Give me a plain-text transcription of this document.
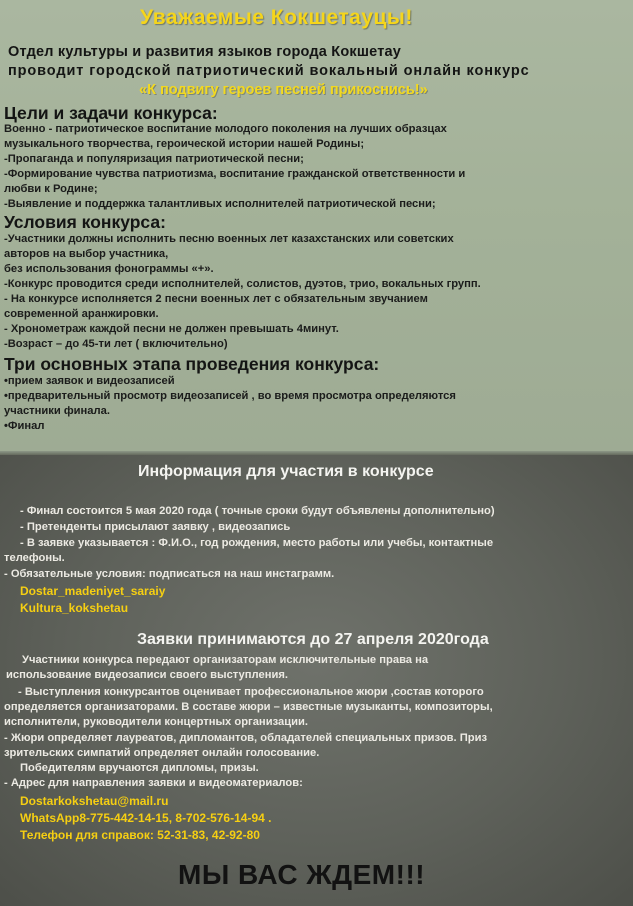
Уважаемые Кокшетауцы!

Отдел культуры и развития языков города Кокшетау

проводит городской патриотический вокальный онлайн конкурс

«К подвигу героев песней прикоснись!»

Цели и задачи конкурса:

Военно - патриотическое воспитание молодого поколения на лучших образцах

музыкального творчества, героической истории нашей Родины;

-Пропаганда и популяризация патриотической песни;

-Формирование чувства патриотизма, воспитание гражданской ответственности и

любви к Родине;

-Выявление и поддержка талантливых исполнителей патриотической песни;

Условия конкурса:

-Участники должны исполнить песню военных лет казахстанских или советских

авторов на выбор участника,

без использования фонограммы «+».

-Конкурс проводится среди исполнителей, солистов, дуэтов, трио, вокальных групп.

- На конкурсе исполняется 2 песни военных лет с обязательным звучанием

современной аранжировки.

- Хронометраж каждой песни не должен превышать 4минут.

-Возраст – до 45-ти лет ( включительно)

Три основных этапа проведения конкурса:

•прием заявок и видеозаписей

•предварительный просмотр видеозаписей , во время просмотра определяются

участники финала.

•Финал

Информация для участия в конкурсе

- Финал состоится 5 мая 2020 года ( точные сроки будут объявлены дополнительно)

- Претенденты присылают заявку , видеозапись

- В заявке указывается : Ф.И.О., год рождения, место работы или учебы, контактные

телефоны.

- Обязательные условия: подписаться на наш инстаграмм.

Dostar_madeniyet_saraiy

Kultura_kokshetau

Заявки принимаются до 27 апреля 2020года

Участники конкурса передают организаторам исключительные права на

использование видеозаписи своего выступления.

- Выступления конкурсантов оценивает профессиональное жюри ,состав которого

определяется организаторами. В составе жюри – известные музыканты, композиторы,

исполнители, руководители концертных организации.

- Жюри определяет лауреатов, дипломантов, обладателей специальных призов. Приз

зрительских симпатий определяет онлайн голосование.

Победителям вручаются дипломы, призы.

- Адрес для направления заявки и видеоматериалов:

Dostarkokshetau@mail.ru

WhatsApp8-775-442-14-15, 8-702-576-14-94 .

Телефон для справок: 52-31-83, 42-92-80

МЫ ВАС ЖДЕМ!!!
